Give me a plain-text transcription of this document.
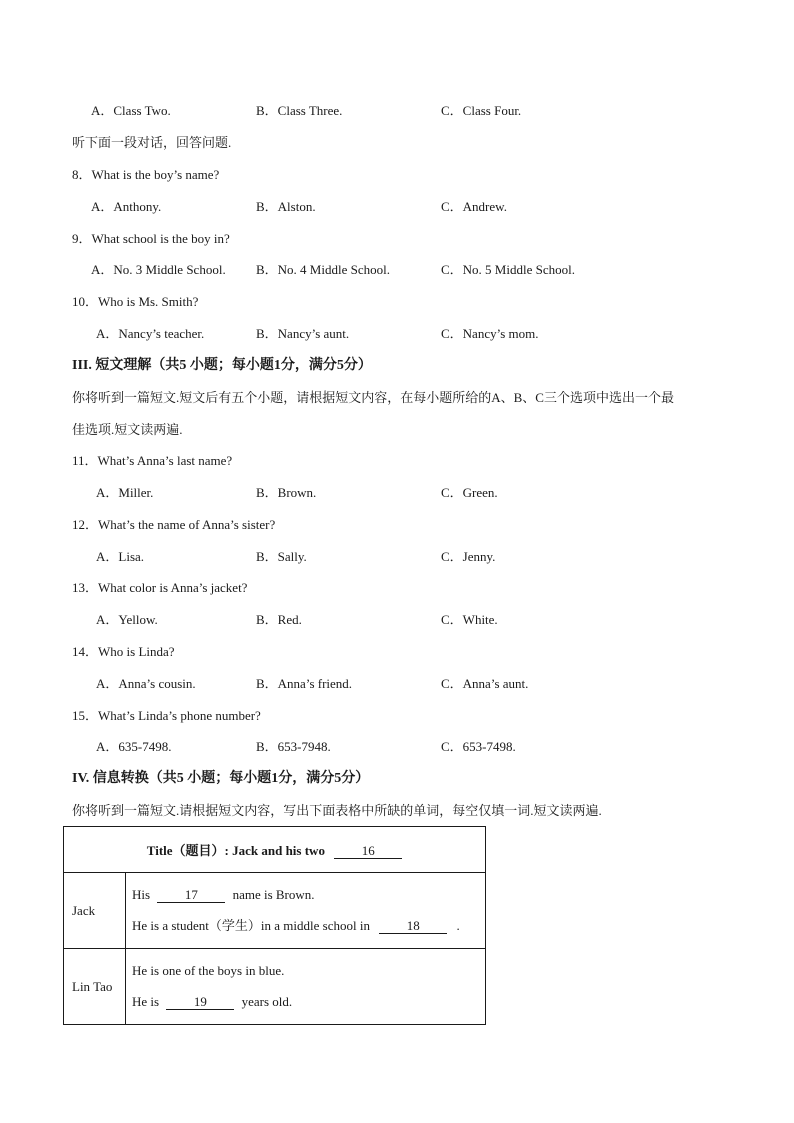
A．Class Two.	B．Class Three.	C．Class Four.
听下面一段对话，回答问题.
8．What is the boy’s name?
A．Anthony.	B．Alston.	C．Andrew.
9．What school is the boy in?
A．No. 3 Middle School. B．No. 4 Middle School.	C．No. 5 Middle School.
10．Who is Ms. Smith?
A．Nancy’s teacher.	B．Nancy’s aunt.	C．Nancy’s mom.
III. 短文理解（共5 小题；每小题1分，满分5分）
你将听到一篇短文.短文后有五个小题，请根据短文内容，在每小题所给的A、B、C三个选项中选出一个最
佳选项.短文读两遍.
11．What’s Anna’s last name?
A．Miller.	B．Brown.	C．Green.
12．What’s the name of Anna’s sister?
A．Lisa.	B．Sally.	C．Jenny.
13．What color is Anna’s jacket?
A．Yellow.	B．Red.	C．White.
14．Who is Linda?
A．Anna’s cousin.	B．Anna’s friend.	C．Anna’s aunt.
15．What’s Linda’s phone number?
A．635-7498.	B．653-7948.	C．653-7498.
IV. 信息转换（共5 小题；每小题1分，满分5分）
你将听到一篇短文.请根据短文内容，写出下面表格中所缺的单词，每空仅填一词.短文读两遍.
Title（题目）: Jack and his two 16	
Jack	His 17 name is Brown.

He is a student（学生）in a middle school in 18 .

Lin Tao	He is one of the boys in blue.

He is 19 years old.
